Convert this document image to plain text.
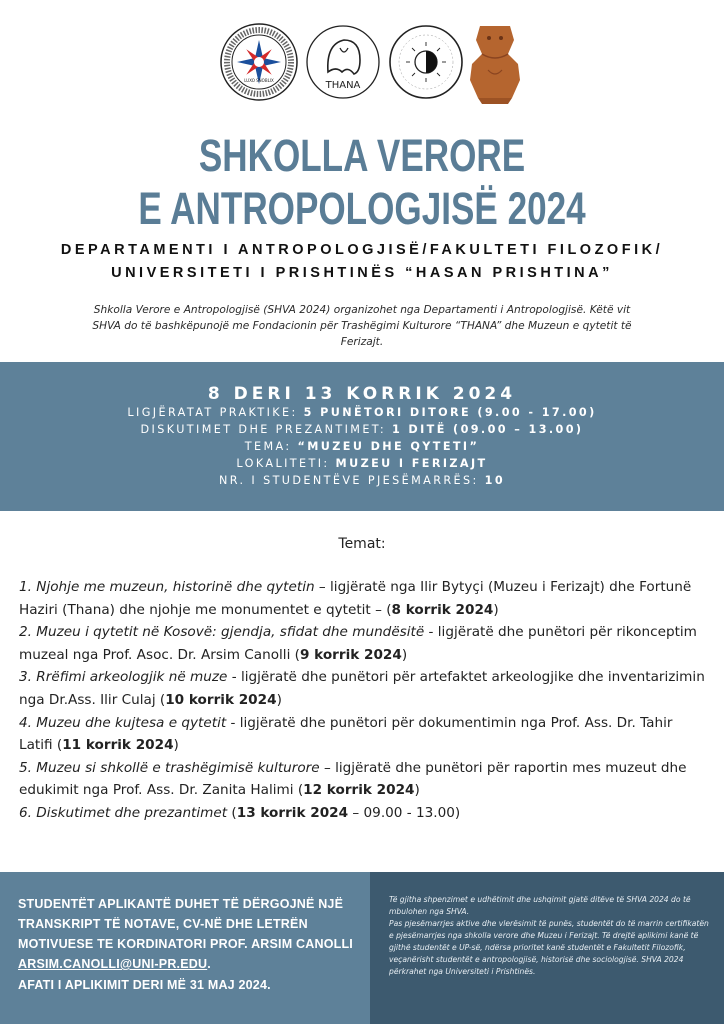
LUXO SNOBLIX	THANA
SHKOLLA VERORE
E ANTROPOLOGJISË 2024
DEPARTAMENTI I ANTROPOLOGJISË/FAKULTETI FILOZOFIK/
UNIVERSITETI I PRISHTINËS “HASAN PRISHTINA”
Shkolla Verore e Antropologjisë (SHVA 2024) organizohet nga Departamenti i Antropologjisë. Këtë vit SHVA do të bashkëpunojë me Fondacionin për Trashëgimi Kulturore “THANA” dhe Muzeun e qytetit të Ferizajt.
8 DERI 13 KORRIK 2024
LIGJËRATAT PRAKTIKE: 5 PUNËTORI DITORE (9.00 - 17.00)
DISKUTIMET DHE PREZANTIMET: 1 DITË (09.00 – 13.00)
TEMA: “MUZEU DHE QYTETI”
LOKALITETI: MUZEU I FERIZAJT
NR. I STUDENTËVE PJESËMARRËS: 10
Temat:

1. Njohje me muzeun, historinë dhe qytetin – ligjëratë nga Ilir Bytyçi (Muzeu i Ferizajt) dhe Fortunë Haziri (Thana) dhe njohje me monumentet e qytetit – (8 korrik 2024)

2. Muzeu i qytetit në Kosovë: gjendja, sfidat dhe mundësitë - ligjëratë dhe punëtori për rikonceptim muzeal nga Prof. Asoc. Dr. Arsim Canolli (9 korrik 2024)

3. Rrëfimi arkeologjik në muze - ligjëratë dhe punëtori për artefaktet arkeologjike dhe inventarizimin nga Dr.Ass. Ilir Culaj (10 korrik 2024)

4. Muzeu dhe kujtesa e qytetit - ligjëratë dhe punëtori për dokumentimin nga Prof. Ass. Dr. Tahir Latifi (11 korrik 2024)

5. Muzeu si shkollë e trashëgimisë kulturore – ligjëratë dhe punëtori për raportin mes muzeut dhe edukimit nga Prof. Ass. Dr. Zanita Halimi (12 korrik 2024)

6. Diskutimet dhe prezantimet (13 korrik 2024 – 09.00 - 13.00)

STUDENTËT APLIKANTË DUHET TË DËRGOJNË NJË TRANSKRIPT TË NOTAVE, CV-NË DHE LETRËN MOTIVUESE TE KORDINATORI PROF. ARSIM CANOLLI ARSIM.CANOLLI@UNI-PR.EDU.
AFATI I APLIKIMIT DERI MË 31 MAJ 2024.

Të gjitha shpenzimet e udhëtimit dhe ushqimit gjatë ditëve të SHVA 2024 do të mbulohen nga SHVA.

Pas pjesëmarrjes aktive dhe vlerësimit të punës, studentët do të marrin certifikatën e pjesëmarrjes nga shkolla verore dhe Muzeu i Ferizajt. Të drejtë aplikimi kanë të gjithë studentët e UP-së, ndërsa prioritet kanë studentët e Fakultetit Filozofik, veçanërisht studentët e antropologjisë, historisë dhe sociologjisë. SHVA 2024 përkrahet nga Universiteti i Prishtinës.
